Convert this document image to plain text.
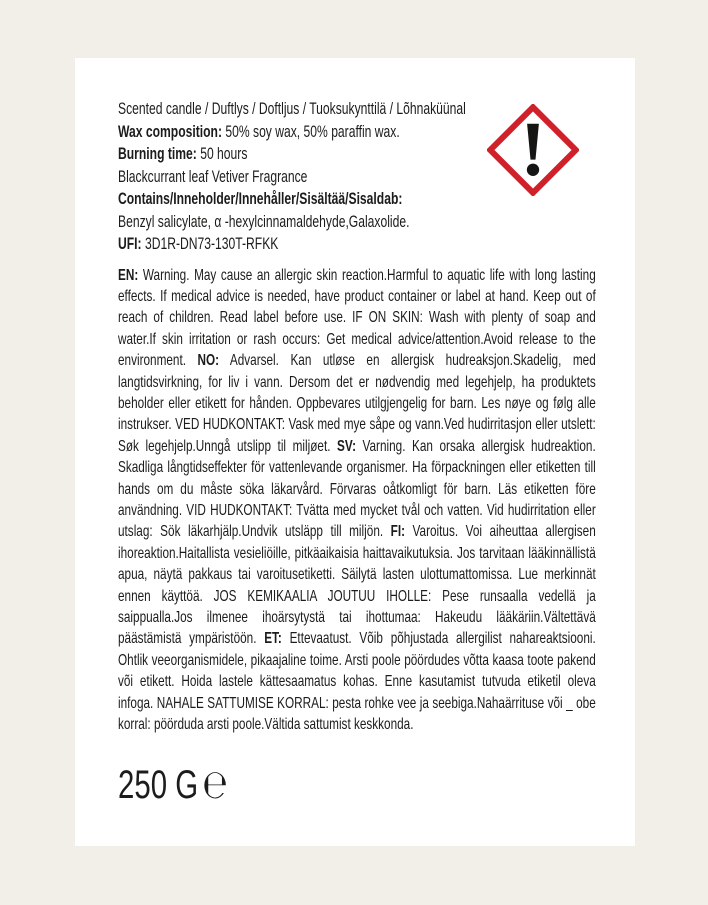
Scented candle / Duftlys / Doftljus / Tuoksukynttilä / Lõhnaküünal
Wax composition: 50% soy wax, 50% paraffin wax.
Burning time: 50 hours
Blackcurrant leaf Vetiver Fragrance
Contains/Inneholder/Innehåller/Sisältää/Sisaldab:
Benzyl salicylate, α -hexylcinnamaldehyde,Galaxolide.
UFI: 3D1R-DN73-130T-RFKK

EN: Warning. May cause an allergic skin reaction.Harmful to aquatic life with long lasting effects. If medical advice is needed, have product container or label at hand. Keep out of reach of children. Read label before use. IF ON SKIN: Wash with plenty of soap and water.If skin irritation or rash occurs: Get medical advice/attention.Avoid release to the environment. NO: Advarsel. Kan utløse en allergisk hudreaksjon.Skadelig, med langtidsvirkning, for liv i vann. Dersom det er nødvendig med legehjelp, ha produktets beholder eller etikett for hånden. Oppbevares utilgjengelig for barn. Les nøye og følg alle instrukser. VED HUDKONTAKT: Vask med mye såpe og vann.Ved hudirritasjon eller utslett: Søk legehjelp.Unngå utslipp til miljøet. SV: Varning. Kan orsaka allergisk hudreaktion. Skadliga långtidseffekter för vattenlevande organismer. Ha förpackningen eller etiketten till hands om du måste söka läkarvård. Förvaras oåtkomligt för barn. Läs etiketten före användning. VID HUDKONTAKT: Tvätta med mycket tvål och vatten. Vid hudirritation eller utslag: Sök läkarhjälp.Undvik utsläpp till miljön. FI: Varoitus. Voi aiheuttaa allergisen ihoreaktion.Haitallista vesieliöille, pitkäaikaisia haittavaikutuksia. Jos tarvitaan lääkinnällistä apua, näytä pakkaus tai varoitusetiketti. Säilytä lasten ulottumattomissa. Lue merkinnät ennen käyttöä. JOS KEMIKAALIA JOUTUU IHOLLE: Pese runsaalla vedellä ja saippualla.Jos ilmenee ihoärsytystä tai ihottumaa: Hakeudu lääkäriin.Vältettävä päästämistä ympäristöön. ET: Ettevaatust. Võib põhjustada allergilist nahareaktsiooni. Ohtlik veeorganismidele, pikaajaline toime. Arsti poole pöördudes võtta kaasa toote pakend või etikett. Hoida lastele kättesaamatus kohas. Enne kasutamist tutvuda etiketil oleva infoga. NAHALE SATTUMISE KORRAL: pesta rohke vee ja seebiga.Nahaärrituse või _ obe korral: pöörduda arsti poole.Vältida sattumist keskkonda.

250 G ℮
